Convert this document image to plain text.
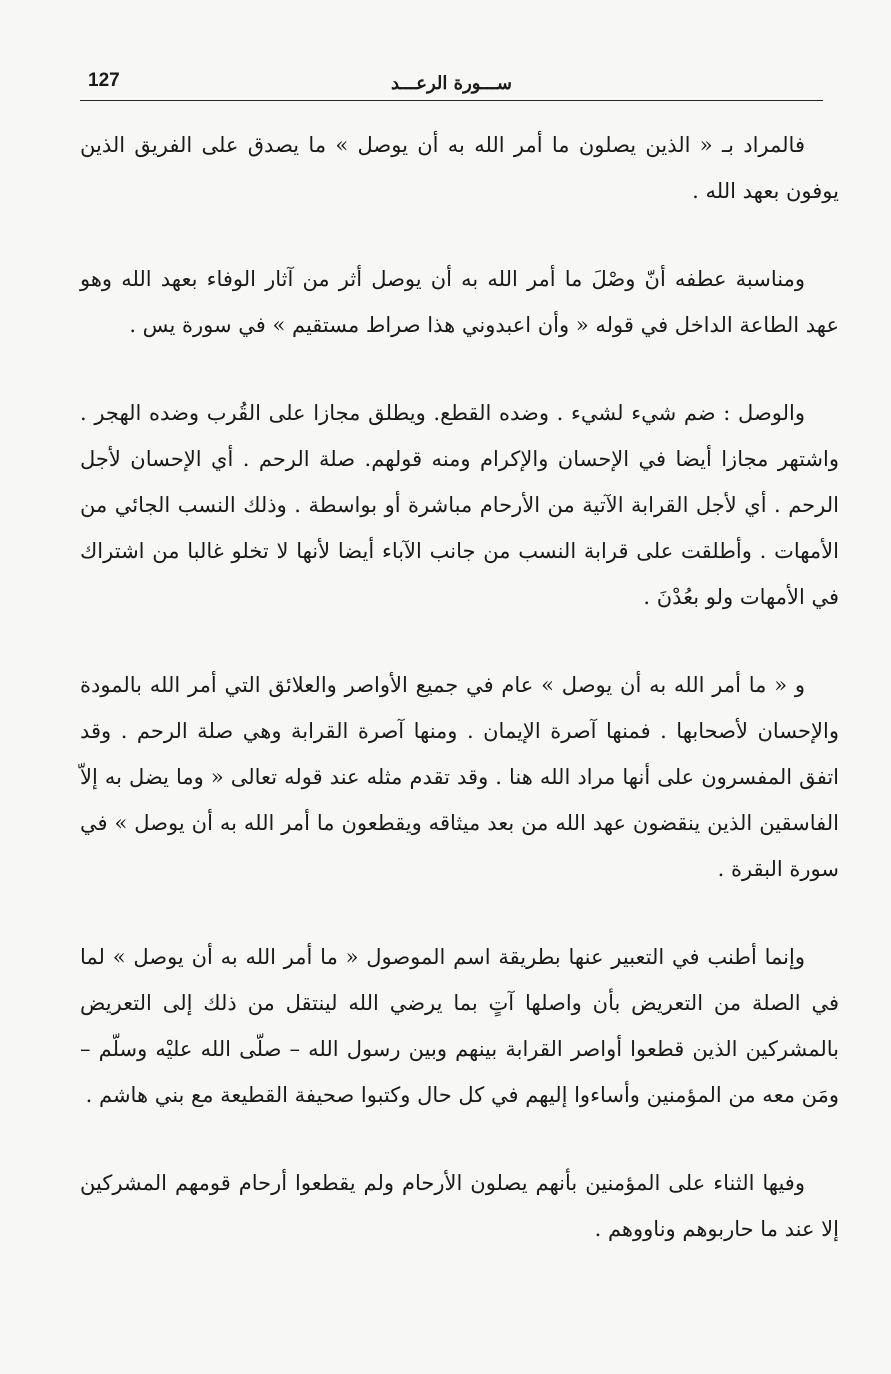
127	ســـورة الرعـــد

فالمراد بـ « الذين يصلون ما أمر الله به أن يوصل » ما يصدق على الفريق الذين يوفون بعهد الله .

ومناسبة عطفه أنّ وصْلَ ما أمر الله به أن يوصل أثر من آثار الوفاء بعهد الله وهو عهد الطاعة الداخل في قوله « وأن اعبدوني هذا صراط مستقيم » في سورة يس .

والوصل : ضم شيء لشيء . وضده القطع. ويطلق مجازا على القُرب وضده الهجر . واشتهر مجازا أيضا في الإحسان والإكرام ومنه قولهم. صلة الرحم . أي الإحسان لأجل الرحم . أي لأجل القرابة الآتية من الأرحام مباشرة أو بواسطة . وذلك النسب الجائي من الأمهات . وأطلقت على قرابة النسب من جانب الآباء أيضا لأنها لا تخلو غالبا من اشتراك في الأمهات ولو بعُدْنَ .

و « ما أمر الله به أن يوصل » عام في جميع الأواصر والعلائق التي أمر الله بالمودة والإحسان لأصحابها . فمنها آصرة الإيمان . ومنها آصرة القرابة وهي صلة الرحم . وقد اتفق المفسرون على أنها مراد الله هنا . وقد تقدم مثله عند قوله تعالى « وما يضل به إلاّ الفاسقين الذين ينقضون عهد الله من بعد ميثاقه ويقطعون ما أمر الله به أن يوصل » في سورة البقرة .

وإنما أطنب في التعبير عنها بطريقة اسم الموصول « ما أمر الله به أن يوصل » لما في الصلة من التعريض بأن واصلها آتٍ بما يرضي الله لينتقل من ذلك إلى التعريض بالمشركين الذين قطعوا أواصر القرابة بينهم وبين رسول الله – صلّى الله عليْه وسلّم – ومَن معه من المؤمنين وأساءوا إليهم في كل حال وكتبوا صحيفة القطيعة مع بني هاشم .

وفيها الثناء على المؤمنين بأنهم يصلون الأرحام ولم يقطعوا أرحام قومهم المشركين إلا عند ما حاربوهم وناووهم .
